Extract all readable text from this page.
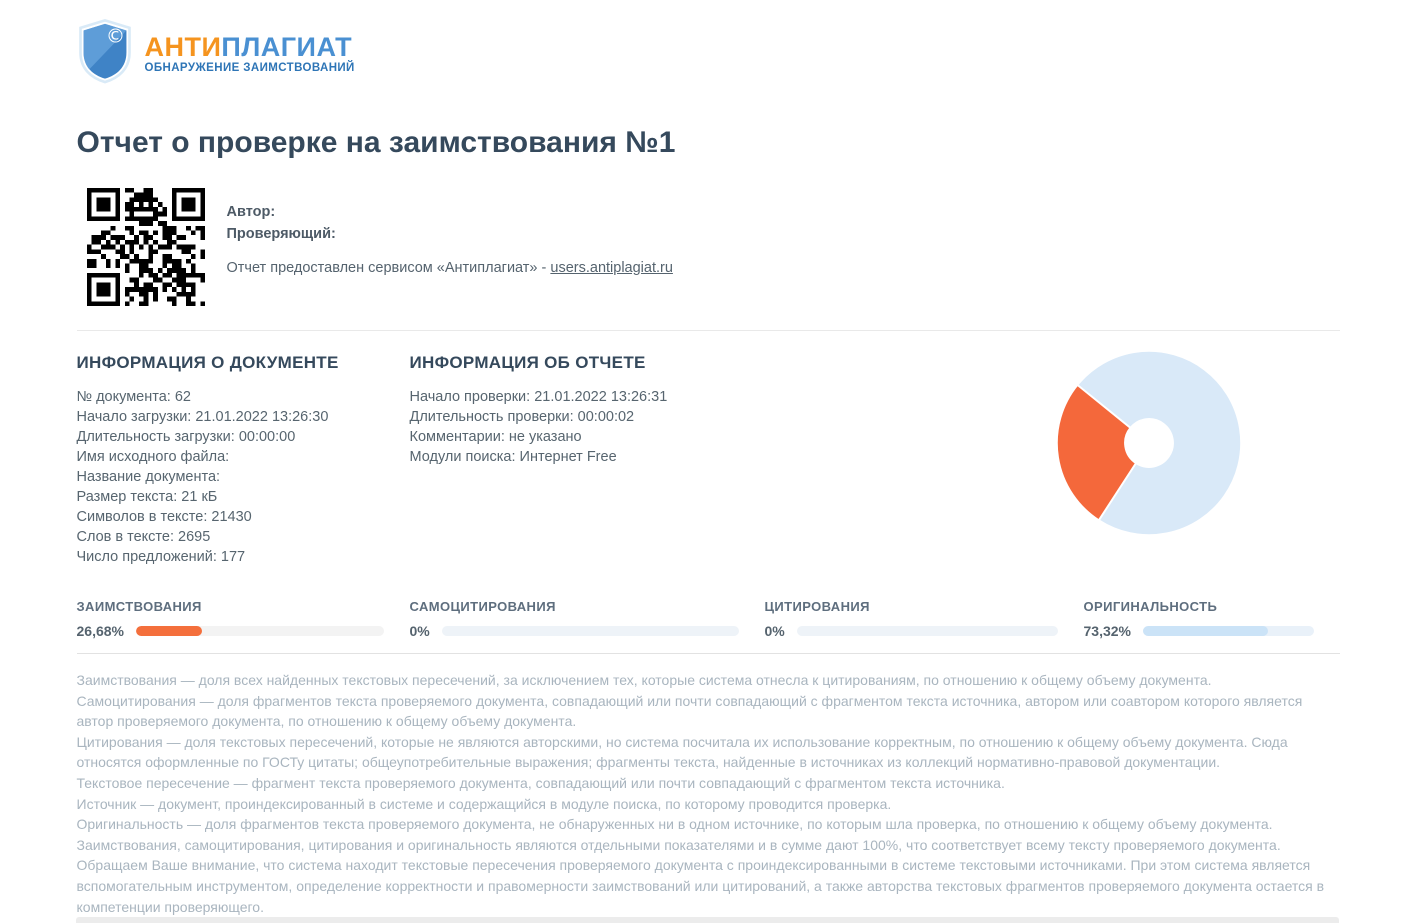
© АНТИПЛАГИАТ
ОБНАРУЖЕНИЕ ЗАИМСТВОВАНИЙ
Отчет о проверке на заимствования №1
Автор:
Проверяющий:
Отчет предоставлен сервисом «Антиплагиат» - users.antiplagiat.ru
ИНФОРМАЦИЯ О ДОКУМЕНТЕ
№ документа: 62
Начало загрузки: 21.01.2022 13:26:30
Длительность загрузки: 00:00:00
Имя исходного файла:
Название документа:
Размер текста: 21 кБ
Символов в тексте: 21430
Слов в тексте: 2695
Число предложений: 177
ИНФОРМАЦИЯ ОБ ОТЧЕТЕ
Начало проверки: 21.01.2022 13:26:31
Длительность проверки: 00:00:02
Комментарии: не указано
Модули поиска: Интернет Free
ЗАИМСТВОВАНИЯ
26,68%
САМОЦИТИРОВАНИЯ
0%
ЦИТИРОВАНИЯ
0%
ОРИГИНАЛЬНОСТЬ
73,32%
Заимствования — доля всех найденных текстовых пересечений, за исключением тех, которые система отнесла к цитированиям, по отношению к общему объему документа.
Самоцитирования — доля фрагментов текста проверяемого документа, совпадающий или почти совпадающий с фрагментом текста источника, автором или соавтором которого является автор проверяемого документа, по отношению к общему объему документа.
Цитирования — доля текстовых пересечений, которые не являются авторскими, но система посчитала их использование корректным, по отношению к общему объему документа. Сюда относятся оформленные по ГОСТу цитаты; общеупотребительные выражения; фрагменты текста, найденные в источниках из коллекций нормативно-правовой документации.
Текстовое пересечение — фрагмент текста проверяемого документа, совпадающий или почти совпадающий с фрагментом текста источника.
Источник — документ, проиндексированный в системе и содержащийся в модуле поиска, по которому проводится проверка.
Оригинальность — доля фрагментов текста проверяемого документа, не обнаруженных ни в одном источнике, по которым шла проверка, по отношению к общему объему документа.
Заимствования, самоцитирования, цитирования и оригинальность являются отдельными показателями и в сумме дают 100%, что соответствует всему тексту проверяемого документа.
Обращаем Ваше внимание, что система находит текстовые пересечения проверяемого документа с проиндексированными в системе текстовыми источниками. При этом система является вспомогательным инструментом, определение корректности и правомерности заимствований или цитирований, а также авторства текстовых фрагментов проверяемого документа остается в компетенции проверяющего.
